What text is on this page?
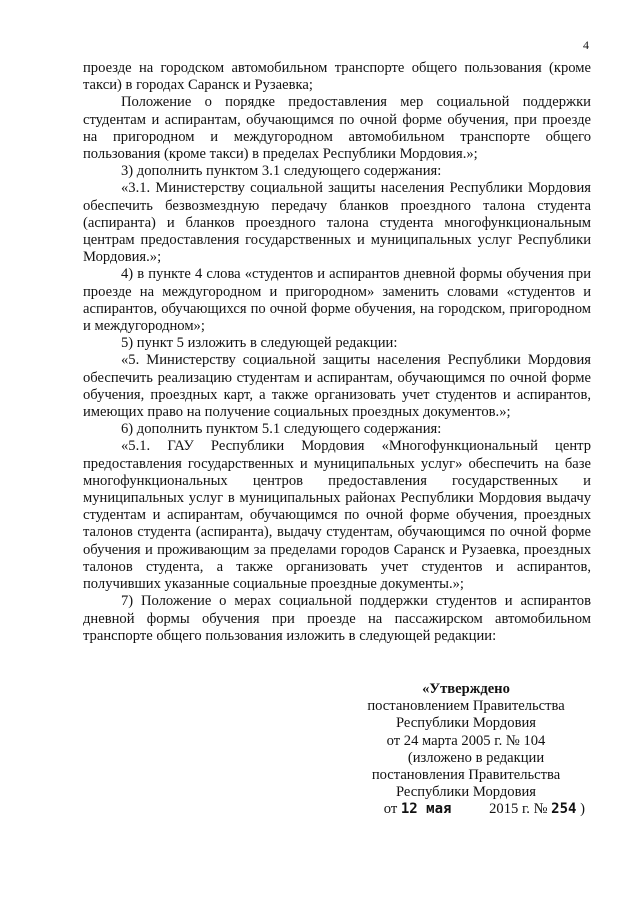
4

проезде на городском автомобильном транспорте общего пользования (кроме такси) в городах Саранск и Рузаевка;

Положение о порядке предоставления мер социальной поддержки студентам и аспирантам, обучающимся по очной форме обучения, при проезде на пригородном и междугородном автомобильном транспорте общего пользования (кроме такси) в пределах Республики Мордовия.»;

3) дополнить пунктом 3.1 следующего содержания:

«3.1. Министерству социальной защиты населения Республики Мордовия обеспечить безвозмездную передачу бланков проездного талона студента (аспиранта) и бланков проездного талона студента многофункциональным центрам предоставления государственных и муниципальных услуг Республики Мордовия.»;

4) в пункте 4 слова «студентов и аспирантов дневной формы обучения при проезде на междугородном и пригородном» заменить словами «студентов и аспирантов, обучающихся по очной форме обучения, на городском, пригородном и междугородном»;

5) пункт 5 изложить в следующей редакции:

«5. Министерству социальной защиты населения Республики Мордовия обеспечить реализацию студентам и аспирантам, обучающимся по очной форме обучения, проездных карт, а также организовать учет студентов и аспирантов, имеющих право на получение социальных проездных документов.»;

6) дополнить пунктом 5.1 следующего содержания:

«5.1. ГАУ Республики Мордовия «Многофункциональный центр предоставления государственных и муниципальных услуг» обеспечить на базе многофункциональных центров предоставления государственных и муниципальных услуг в муниципальных районах Республики Мордовия выдачу студентам и аспирантам, обучающимся по очной форме обучения, проездных талонов студента (аспиранта), выдачу студентам, обучающимся по очной форме обучения и проживающим за пределами городов Саранск и Рузаевка, проездных талонов студента, а также организовать учет студентов и аспирантов, получивших указанные социальные проездные документы.»;

7) Положение о мерах социальной поддержки студентов и аспирантов дневной формы обучения при проезде на пассажирском автомобильном транспорте общего пользования изложить в следующей редакции:

«Утверждено
постановлением Правительства
Республики Мордовия
от 24 марта 2005 г. № 104
(изложено в редакции
постановления Правительства
Республики Мордовия
от 12 мая	2015 г. № 254 )
